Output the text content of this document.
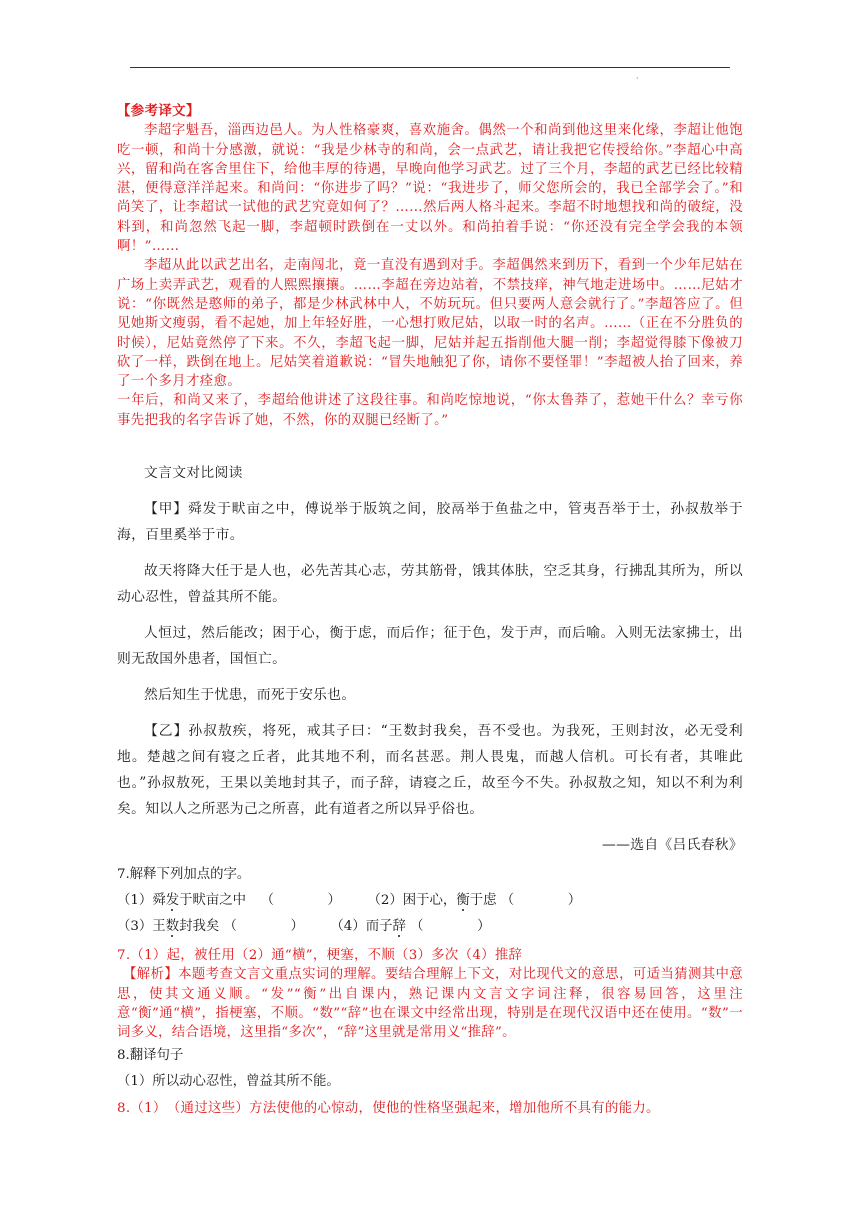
·

【参考译文】

李超字魁吾，淄西边邑人。为人性格豪爽，喜欢施舍。偶然一个和尚到他这里来化缘，李超让他饱吃一顿，和尚十分感激，就说：“我是少林寺的和尚，会一点武艺，请让我把它传授给你。”李超心中高兴，留和尚在客舍里住下，给他丰厚的待遇，早晚向他学习武艺。过了三个月，李超的武艺已经比较精湛，便得意洋洋起来。和尚问：“你进步了吗？”说：“我进步了，师父您所会的，我已全部学会了。”和尚笑了，让李超试一试他的武艺究竟如何了？……然后两人格斗起来。李超不时地想找和尚的破绽，没料到，和尚忽然飞起一脚，李超顿时跌倒在一丈以外。和尚拍着手说：“你还没有完全学会我的本领啊！”……

李超从此以武艺出名，走南闯北，竟一直没有遇到对手。李超偶然来到历下，看到一个少年尼姑在广场上卖弄武艺，观看的人熙熙攘攘。……李超在旁边站着，不禁技痒，神气地走进场中。……尼姑才说：“你既然是憨师的弟子，都是少林武林中人，不妨玩玩。但只要两人意会就行了。”李超答应了。但见她斯文瘦弱，看不起她，加上年轻好胜，一心想打败尼姑，以取一时的名声。……（正在不分胜负的时候），尼姑竟然停了下来。不久，李超飞起一脚，尼姑并起五指削他大腿一削；李超觉得膝下像被刀砍了一样，跌倒在地上。尼姑笑着道歉说：“冒失地触犯了你，请你不要怪罪！”李超被人抬了回来，养了一个多月才痊愈。

一年后，和尚又来了，李超给他讲述了这段往事。和尚吃惊地说，“你太鲁莽了，惹她干什么？幸亏你事先把我的名字告诉了她，不然，你的双腿已经断了。”

文言文对比阅读

【甲】舜发于畎亩之中，傅说举于版筑之间，胶鬲举于鱼盐之中，管夷吾举于士，孙叔敖举于海，百里奚举于市。

故天将降大任于是人也，必先苦其心志，劳其筋骨，饿其体肤，空乏其身，行拂乱其所为，所以动心忍性，曾益其所不能。

人恒过，然后能改；困于心，衡于虑，而后作；征于色，发于声，而后喻。入则无法家拂士，出则无敌国外患者，国恒亡。

然后知生于忧患，而死于安乐也。

【乙】孙叔敖疾，将死，戒其子曰：“王数封我矣，吾不受也。为我死，王则封汝，必无受利地。楚越之间有寝之丘者，此其地不利，而名甚恶。荆人畏鬼，而越人信机。可长有者，其唯此也。”孙叔敖死，王果以美地封其子，而子辞，请寝之丘，故至今不失。孙叔敖之知，知以不利为利矣。知以人之所恶为己之所喜，此有道者之所以异乎俗也。

——选自《吕氏春秋》

7.解释下列加点的字。

（1）舜发于畎亩之中 （　　　　） （2）困于心，衡于虑 （　　　　）

（3）王数封我矣 （　　　　） （4）而子辞 （　　　　）

7.（1）起，被任用（2）通“横”，梗塞，不顺（3）多次（4）推辞

【解析】本题考查文言文重点实词的理解。要结合理解上下文，对比现代文的意思，可适当猜测其中意思，使其文通义顺。“发”“衡”出自课内，熟记课内文言文字词注释，很容易回答，这里注意“衡”通“横”，指梗塞，不顺。“数”“辞”也在课文中经常出现，特别是在现代汉语中还在使用。“数”一词多义，结合语境，这里指“多次”，“辞”这里就是常用义“推辞”。

8.翻译句子

（1）所以动心忍性，曾益其所不能。

8.（1）　（通过这些）方法使他的心惊动，使他的性格坚强起来，增加他所不具有的能力。
